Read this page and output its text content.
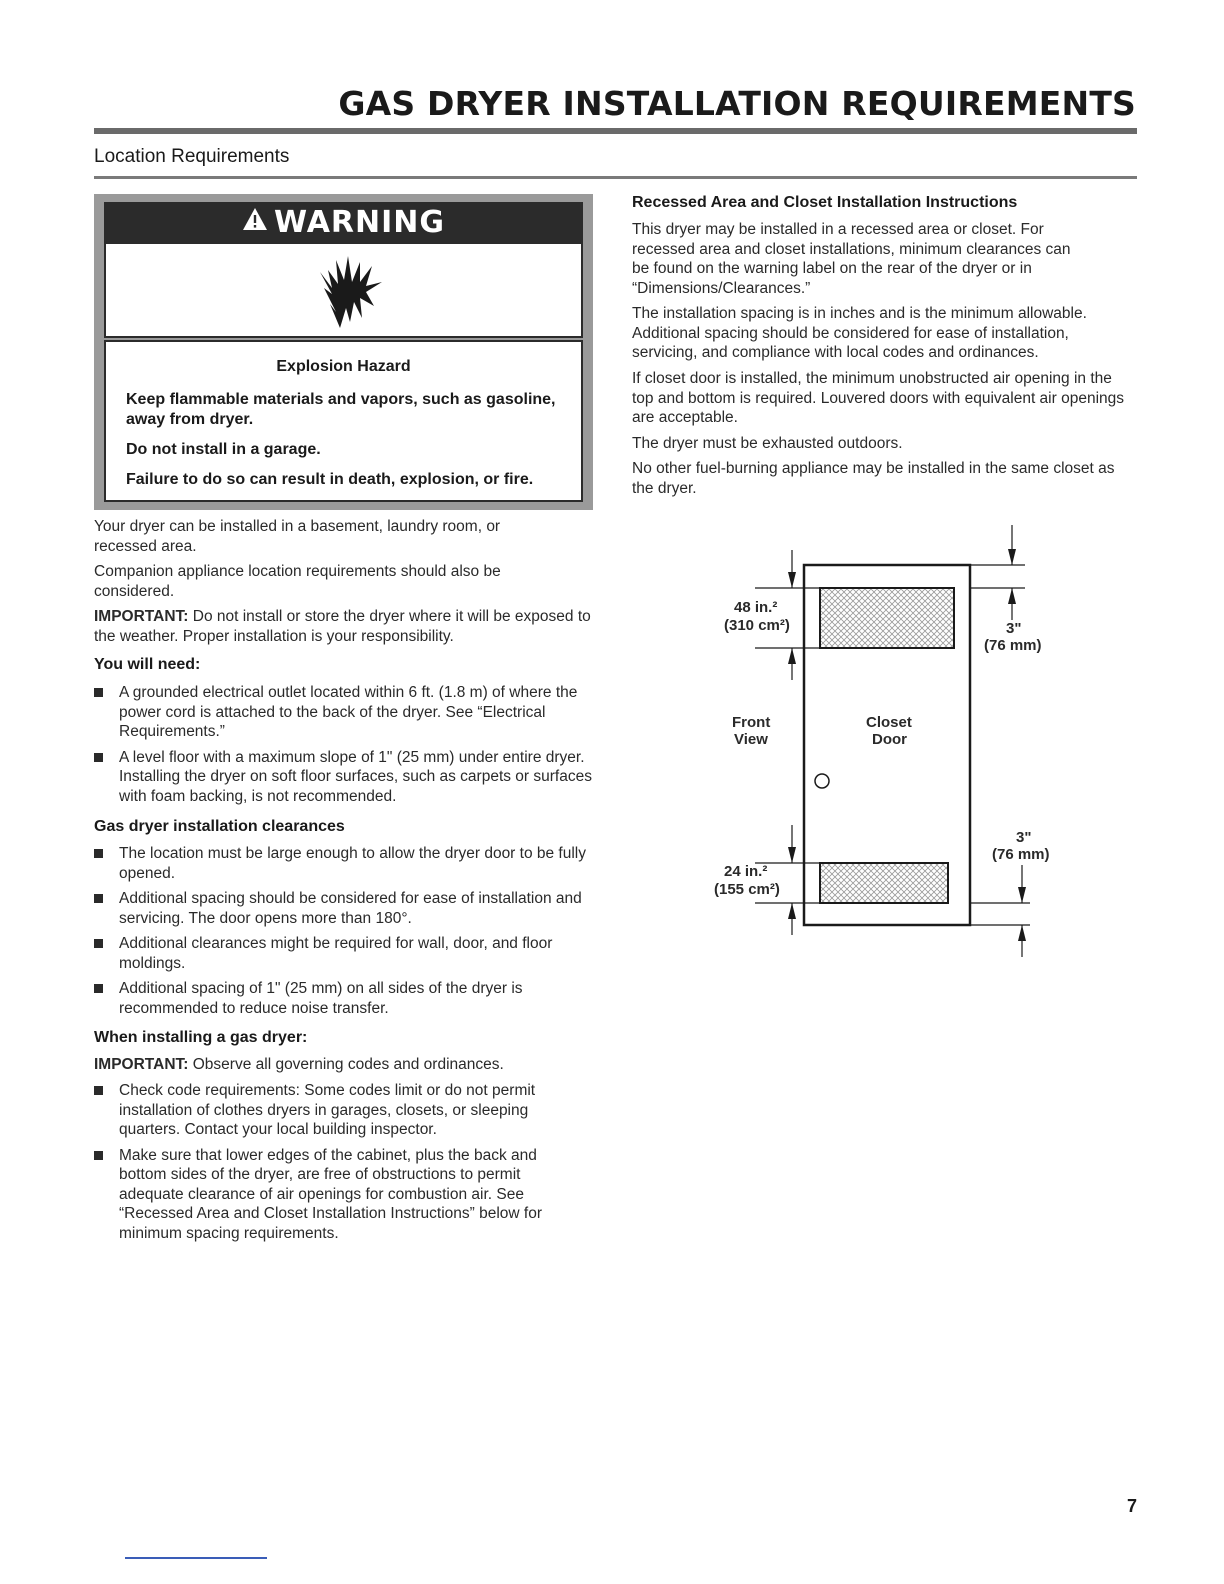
GAS DRYER INSTALLATION REQUIREMENTS
Location Requirements
WARNING

Explosion Hazard

Keep flammable materials and vapors, such as gasoline, away from dryer.

Do not install in a garage.

Failure to do so can result in death, explosion, or fire.

Your dryer can be installed in a basement, laundry room, or recessed area.

Companion appliance location requirements should also be considered.

IMPORTANT: Do not install or store the dryer where it will be exposed to the weather. Proper installation is your responsibility.

You will need:
A grounded electrical outlet located within 6 ft. (1.8 m) of where the power cord is attached to the back of the dryer. See “Electrical Requirements.”
A level floor with a maximum slope of 1" (25 mm) under entire dryer. Installing the dryer on soft floor surfaces, such as carpets or surfaces with foam backing, is not recommended.
Gas dryer installation clearances
The location must be large enough to allow the dryer door to be fully opened.
Additional spacing should be considered for ease of installation and servicing. The door opens more than 180°.
Additional clearances might be required for wall, door, and floor moldings.
Additional spacing of 1" (25 mm) on all sides of the dryer is recommended to reduce noise transfer.
When installing a gas dryer:

IMPORTANT: Observe all governing codes and ordinances.

Check code requirements: Some codes limit or do not permit installation of clothes dryers in garages, closets, or sleeping quarters. Contact your local building inspector.
Make sure that lower edges of the cabinet, plus the back and bottom sides of the dryer, are free of obstructions to permit adequate clearance of air openings for combustion air. See “Recessed Area and Closet Installation Instructions” below for minimum spacing requirements.
Recessed Area and Closet Installation Instructions

This dryer may be installed in a recessed area or closet. For recessed area and closet installations, minimum clearances can be found on the warning label on the rear of the dryer or in “Dimensions/Clearances.”

The installation spacing is in inches and is the minimum allowable. Additional spacing should be considered for ease of installation, servicing, and compliance with local codes and ordinances.

If closet door is installed, the minimum unobstructed air opening in the top and bottom is required. Louvered doors with equivalent air openings are acceptable.

The dryer must be exhausted outdoors.

No other fuel-burning appliance may be installed in the same closet as the dryer.

48 in.²
(310 cm²)
Front
View
Closet
Door
24 in.²
(155 cm²)
3"
(76 mm)
3"
(76 mm)

7
